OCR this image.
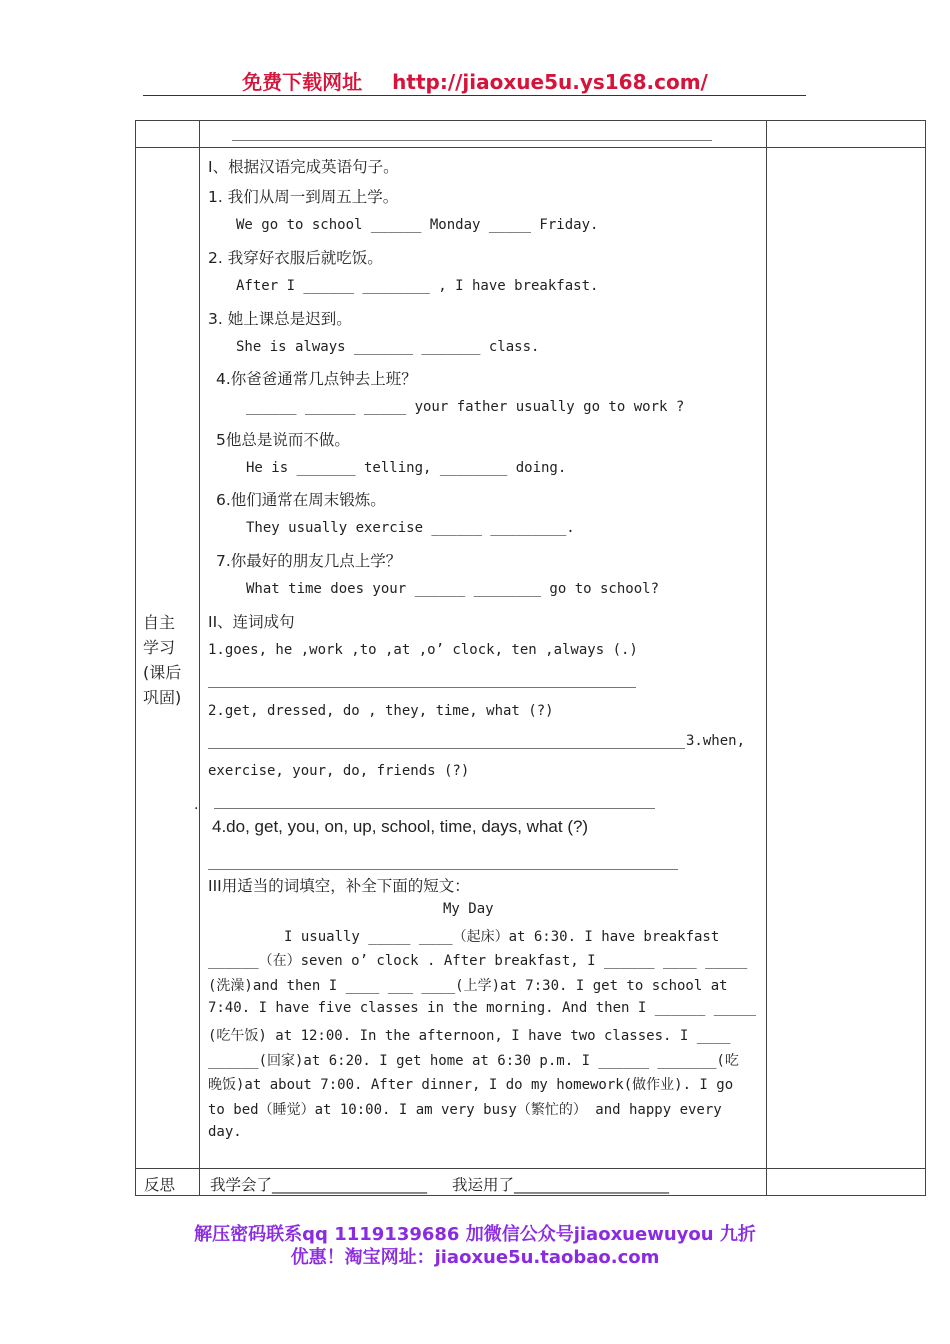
免费下载网址 http://jiaoxue5u.ys168.com/
自主
学习
(课后
巩固)
.
I、根据汉语完成英语句子。
1. 我们从周一到周五上学。
We go to school ______ Monday _____ Friday.
2. 我穿好衣服后就吃饭。
After I ______ ________ , I have breakfast.
3. 她上课总是迟到。
She is always _______ _______ class.
4.你爸爸通常几点钟去上班？
______ ______ _____ your father usually go to work ?
5他总是说而不做。
He is _______ telling, ________ doing.
6.他们通常在周末锻炼。
They usually exercise ______ _________.
7.你最好的朋友几点上学？
What time does your ______ ________ go to school?
II、连词成句
1.goes, he ,work ,to ,at ,o’ clock, ten ,always (.)
2.get, dressed, do , they, time, what (?)
3.when,
exercise, your, do, friends (?)
4.do, get, you, on, up, school, time, days, what (?)
III用适当的词填空，补全下面的短文：
My Day
I usually _____ ____（起床）at 6:30. I have breakfast
______（在）seven o’ clock . After breakfast, I ______ ____ _____
(洗澡)and then I ____ ___ ____(上学)at 7:30. I get to school at
7:40. I have five classes in the morning. And then I ______ _____
(吃午饭) at 12:00. In the afternoon, I have two classes. I ____
______(回家)at 6:20. I get home at 6:30 p.m. I ______ _______(吃
晚饭)at about 7:00. After dinner, I do my homework(做作业). I go
to bed（睡觉）at 10:00. I am very busy（繁忙的） and happy every
day.
反思 我学会了____________________ 我运用了____________________
解压密码联系qq 1119139686 加微信公众号jiaoxuewuyou 九折
优惠！淘宝网址：jiaoxue5u.taobao.com
